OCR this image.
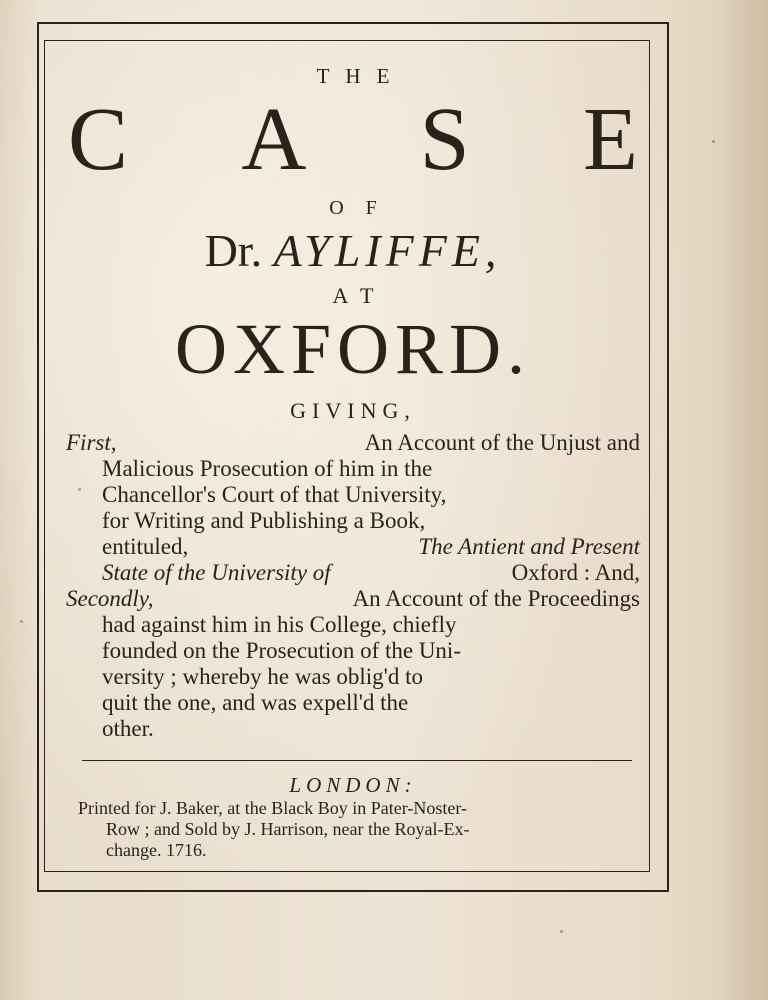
THE
C A S E
OF
Dr. AYLIFFE,
AT
OXFORD.
GIVING,
First,	An Account of the Unjust and
Malicious Prosecution of him in the
Chancellor's Court of that University,
for Writing and Publishing a Book,
entituled,	The Antient and Present
State of the University of	Oxford : And,
Secondly,	An Account of the Proceedings
had against him in his College, chiefly
founded on the Prosecution of the Uni-
versity ; whereby he was oblig'd to
quit the one, and was expell'd the
other.
LONDON:
Printed for J. Baker, at the Black Boy in Pater-Noster-
Row ; and Sold by J. Harrison, near the Royal-Ex-
change. 1716.
